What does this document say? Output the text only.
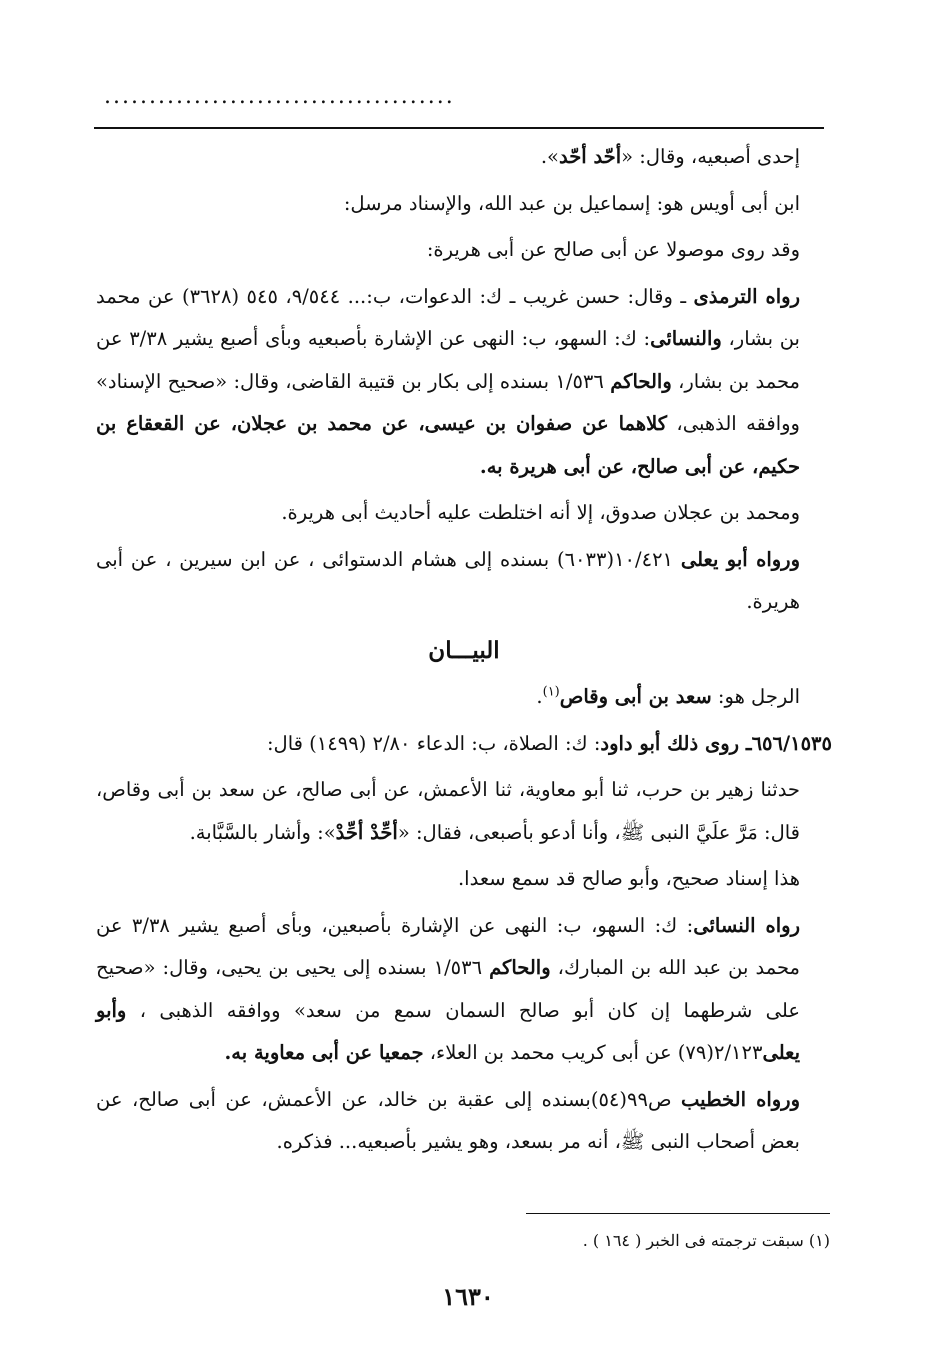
.......................................

إحدى أصبعيه، وقال: «أحّد أحّد».

ابن أبى أويس هو: إسماعيل بن عبد الله، والإسناد مرسل:

وقد روى موصولا عن أبى صالح عن أبى هريرة:

رواه الترمذى ـ وقال: حسن غريب ـ ك: الدعوات، ب:... ٩/٥٤٤، ٥٤٥ (٣٦٢٨) عن محمد بن بشار، والنسائى: ك: السهو، ب: النهى عن الإشارة بأصبعيه وبأى أصبع يشير ٣/٣٨ عن محمد بن بشار، والحاكم ١/٥٣٦ بسنده إلى بكار بن قتيبة القاضى، وقال: «صحيح الإسناد» ووافقه الذهبى، كلاهما عن صفوان بن عيسى، عن محمد بن عجلان، عن القعقاع بن حكيم، عن أبى صالح، عن أبى هريرة به.

ومحمد بن عجلان صدوق، إلا أنه اختلطت عليه أحاديث أبى هريرة.

ورواه أبو يعلى ١٠/٤٢١(٦٠٣٣) بسنده إلى هشام الدستوائى ، عن ابن سيرين ، عن أبى هريرة.

البيـــان

الرجل هو: سعد بن أبى وقاص$^{(١)}$.

٦٥٦/١٥٣٥ـ روى ذلك أبو داود: ك: الصلاة، ب: الدعاء ٢/٨٠ (١٤٩٩) قال:

حدثنا زهير بن حرب، ثنا أبو معاوية، ثنا الأعمش، عن أبى صالح، عن سعد بن أبى وقاص، قال: مَرَّ علَيَّ النبى ﷺ، وأنا أدعو بأصبعى، فقال: «أحِّدْ أحِّدْ»: وأشار بالسَّبَّابة.

هذا إسناد صحيح، وأبو صالح قد سمع سعدا.

رواه النسائى: ك: السهو، ب: النهى عن الإشارة بأصبعين، وبأى أصبع يشير ٣/٣٨ عن محمد بن عبد الله بن المبارك، والحاكم ١/٥٣٦ بسنده إلى يحيى بن يحيى، وقال: «صحيح على شرطهما إن كان أبو صالح السمان سمع من سعد» ووافقه الذهبى ، وأبو يعلى٢/١٢٣(٧٩) عن أبى كريب محمد بن العلاء، جمعيا عن أبى معاوية به.

ورواه الخطيب ص٩٩(٥٤)بسنده إلى عقبة بن خالد، عن الأعمش، عن أبى صالح، عن بعض أصحاب النبى ﷺ، أنه مر بسعد، وهو يشير بأصبعيه... فذكره.

(١) سبقت ترجمته فى الخبر ( ١٦٤ ) .
١٦٣٠
